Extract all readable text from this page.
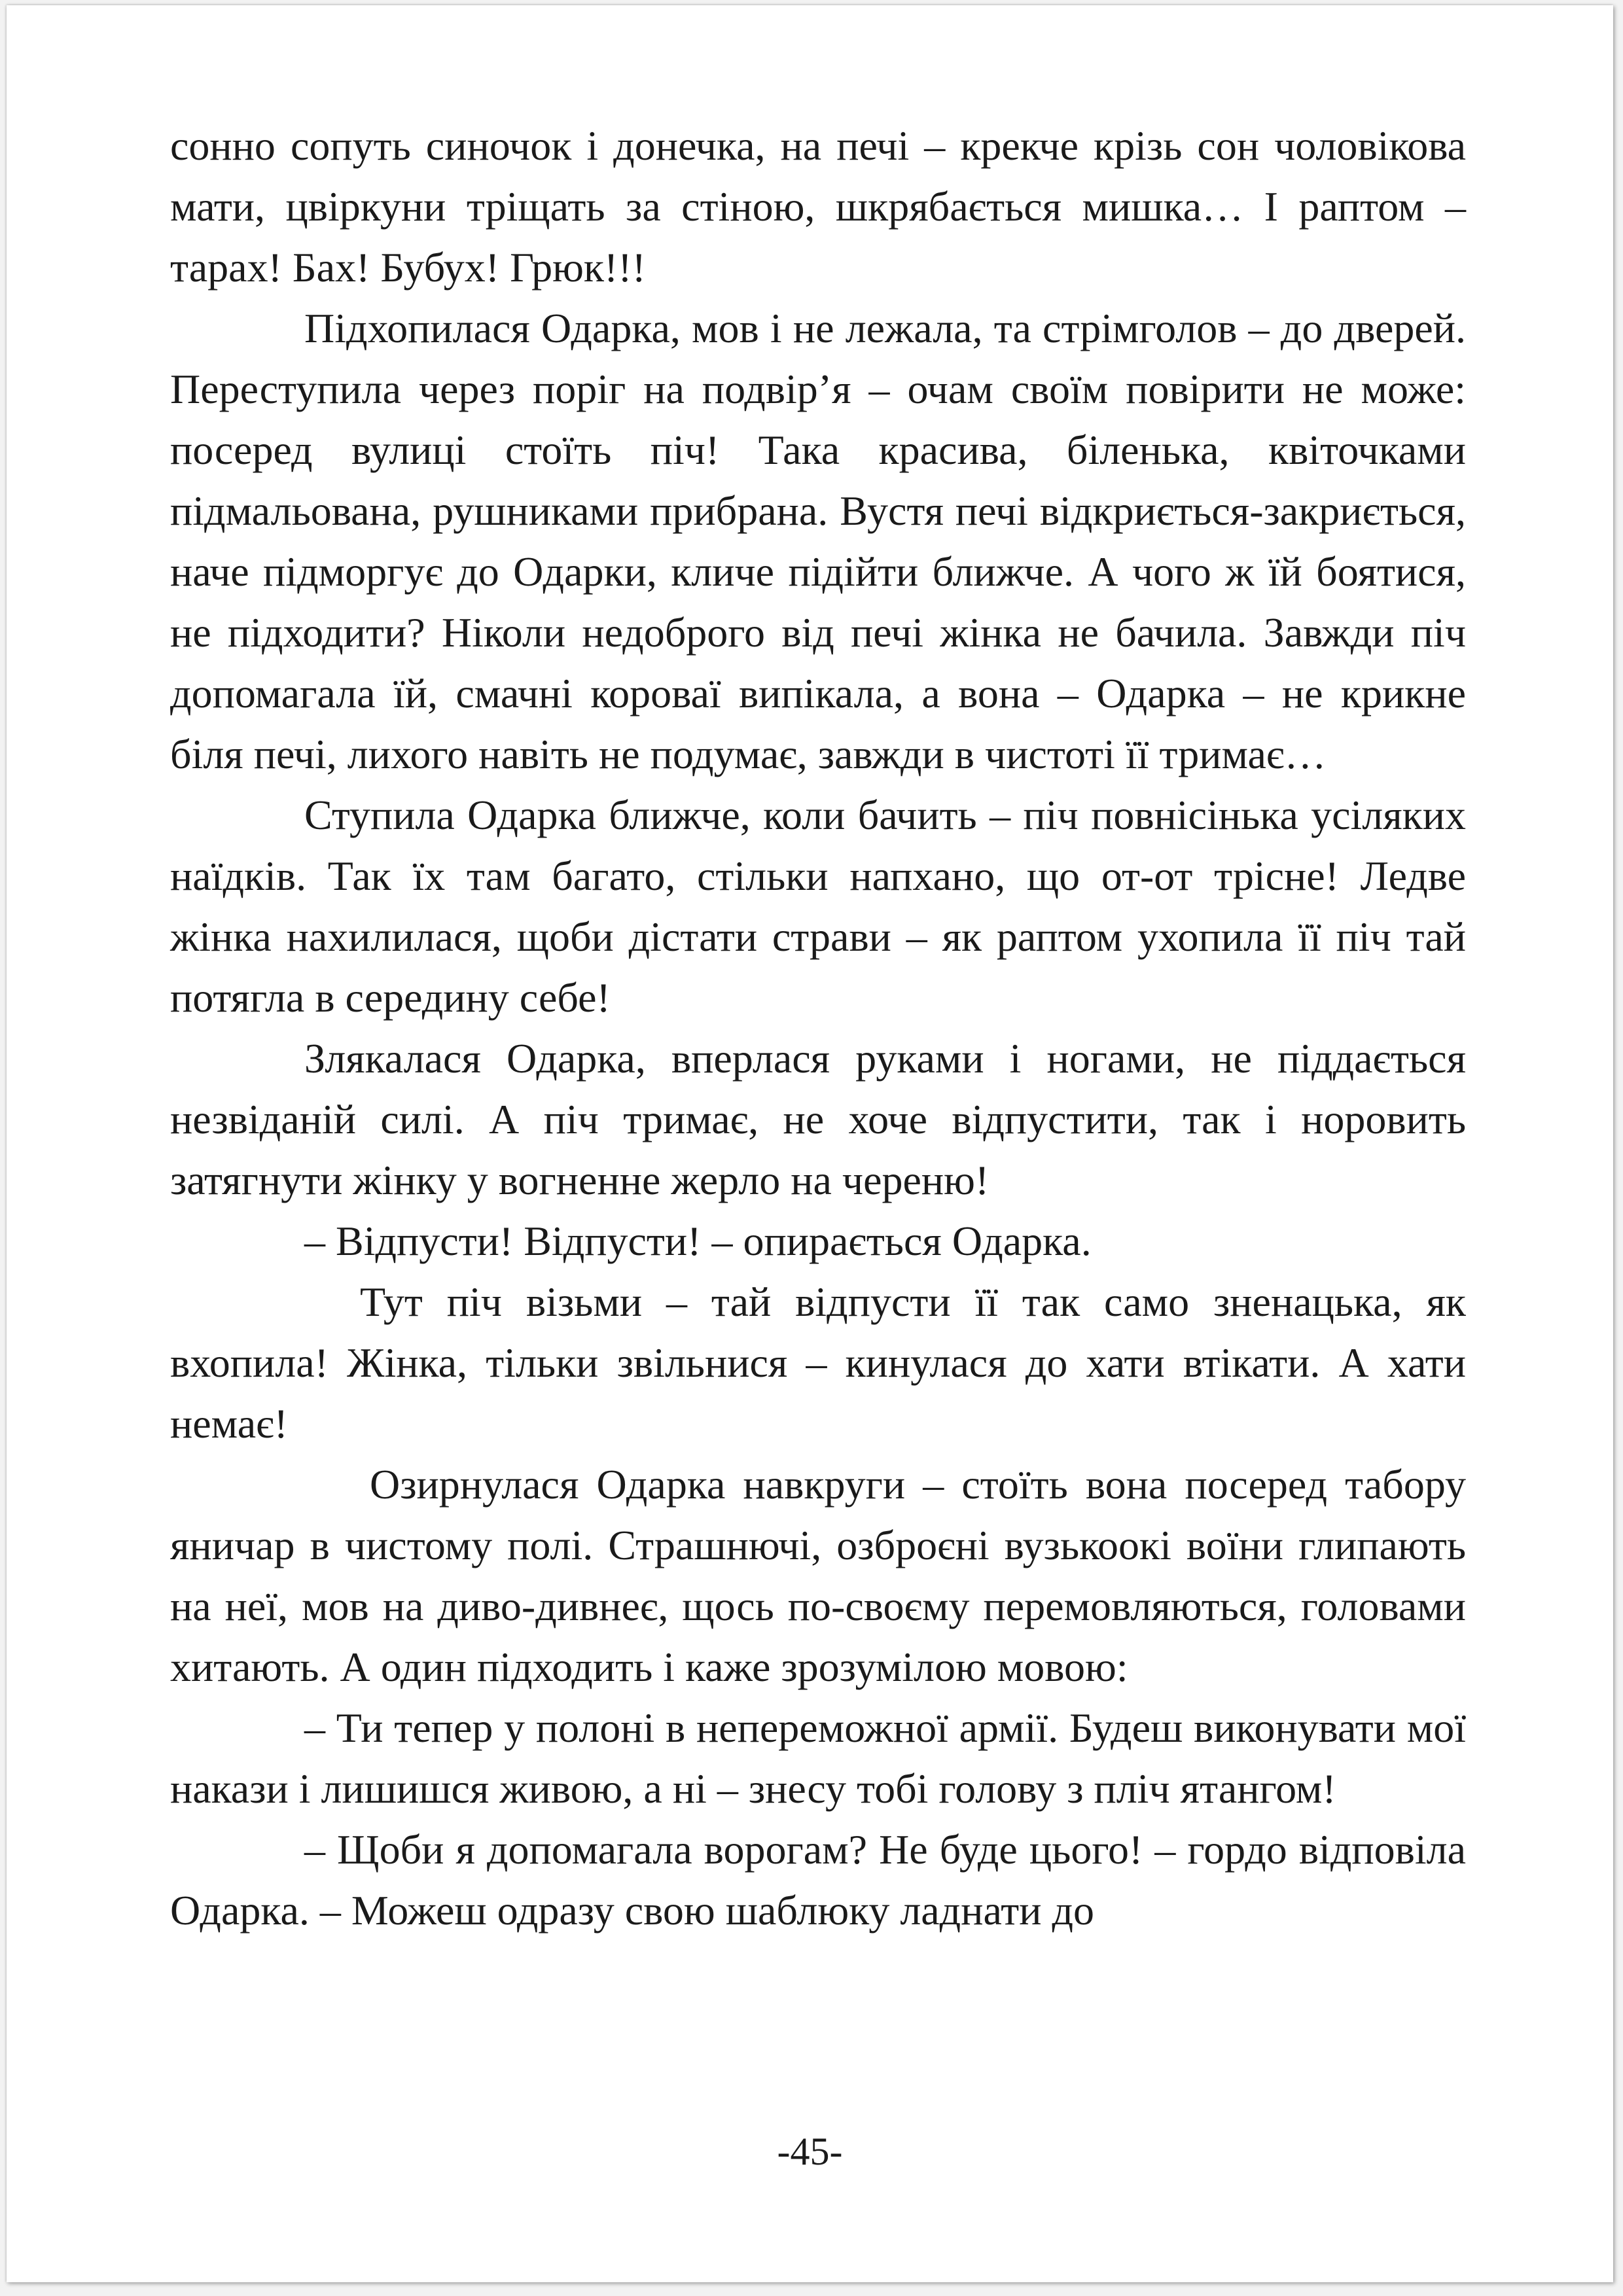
сонно сопуть синочок і донечка, на печі – крекче крізь сон чоловікова мати, цвіркуни тріщать за стіною, шкрябається мишка… І раптом – тарах! Бах! Бубух! Грюк!!!

Підхопилася Одарка, мов і не лежала, та стрімголов – до дверей. Переступила через поріг на подвір’я – очам своїм повірити не може: посеред вулиці стоїть піч! Така красива, біленька, квіточками підмальована, рушниками прибрана. Вустя печі відкриється-закриється, наче підморгує до Одарки, кличе підійти ближче. А чого ж їй боятися, не підходити? Ніколи недоброго від печі жінка не бачила. Завжди піч допомагала їй, смачні короваї випікала, а вона – Одарка – не крикне біля печі, лихого навіть не подумає, завжди в чистоті її тримає…

Ступила Одарка ближче, коли бачить – піч повнісінька усіляких наїдків. Так їх там багато, стільки напхано, що от-от трісне! Ледве жінка нахилилася, щоби дістати страви – як раптом ухопила її піч тай потягла в середину себе!

Злякалася Одарка, вперлася руками і ногами, не піддається незвіданій силі. А піч тримає, не хоче відпустити, так і норовить затягнути жінку у вогненне жерло на череню!

– Відпусти! Відпусти! – опирається Одарка.

Тут піч візьми – тай відпусти її так само зненацька, як вхопила! Жінка, тільки звільнися – кинулася до хати втікати. А хати немає!

Озирнулася Одарка навкруги – стоїть вона посеред табору яничар в чистому полі. Страшнючі, озброєні вузькоокі воїни глипають на неї, мов на диво-дивнеє, щось по-своєму перемовляються, головами хитають. А один підходить і каже зрозумілою мовою:

– Ти тепер у полоні в непереможної армії. Будеш виконувати мої накази і лишишся живою, а ні – знесу тобі голову з пліч ятангом!

– Щоби я допомагала ворогам? Не буде цього! – гордо відповіла Одарка. – Можеш одразу свою шаблюку ладнати до

-45-
